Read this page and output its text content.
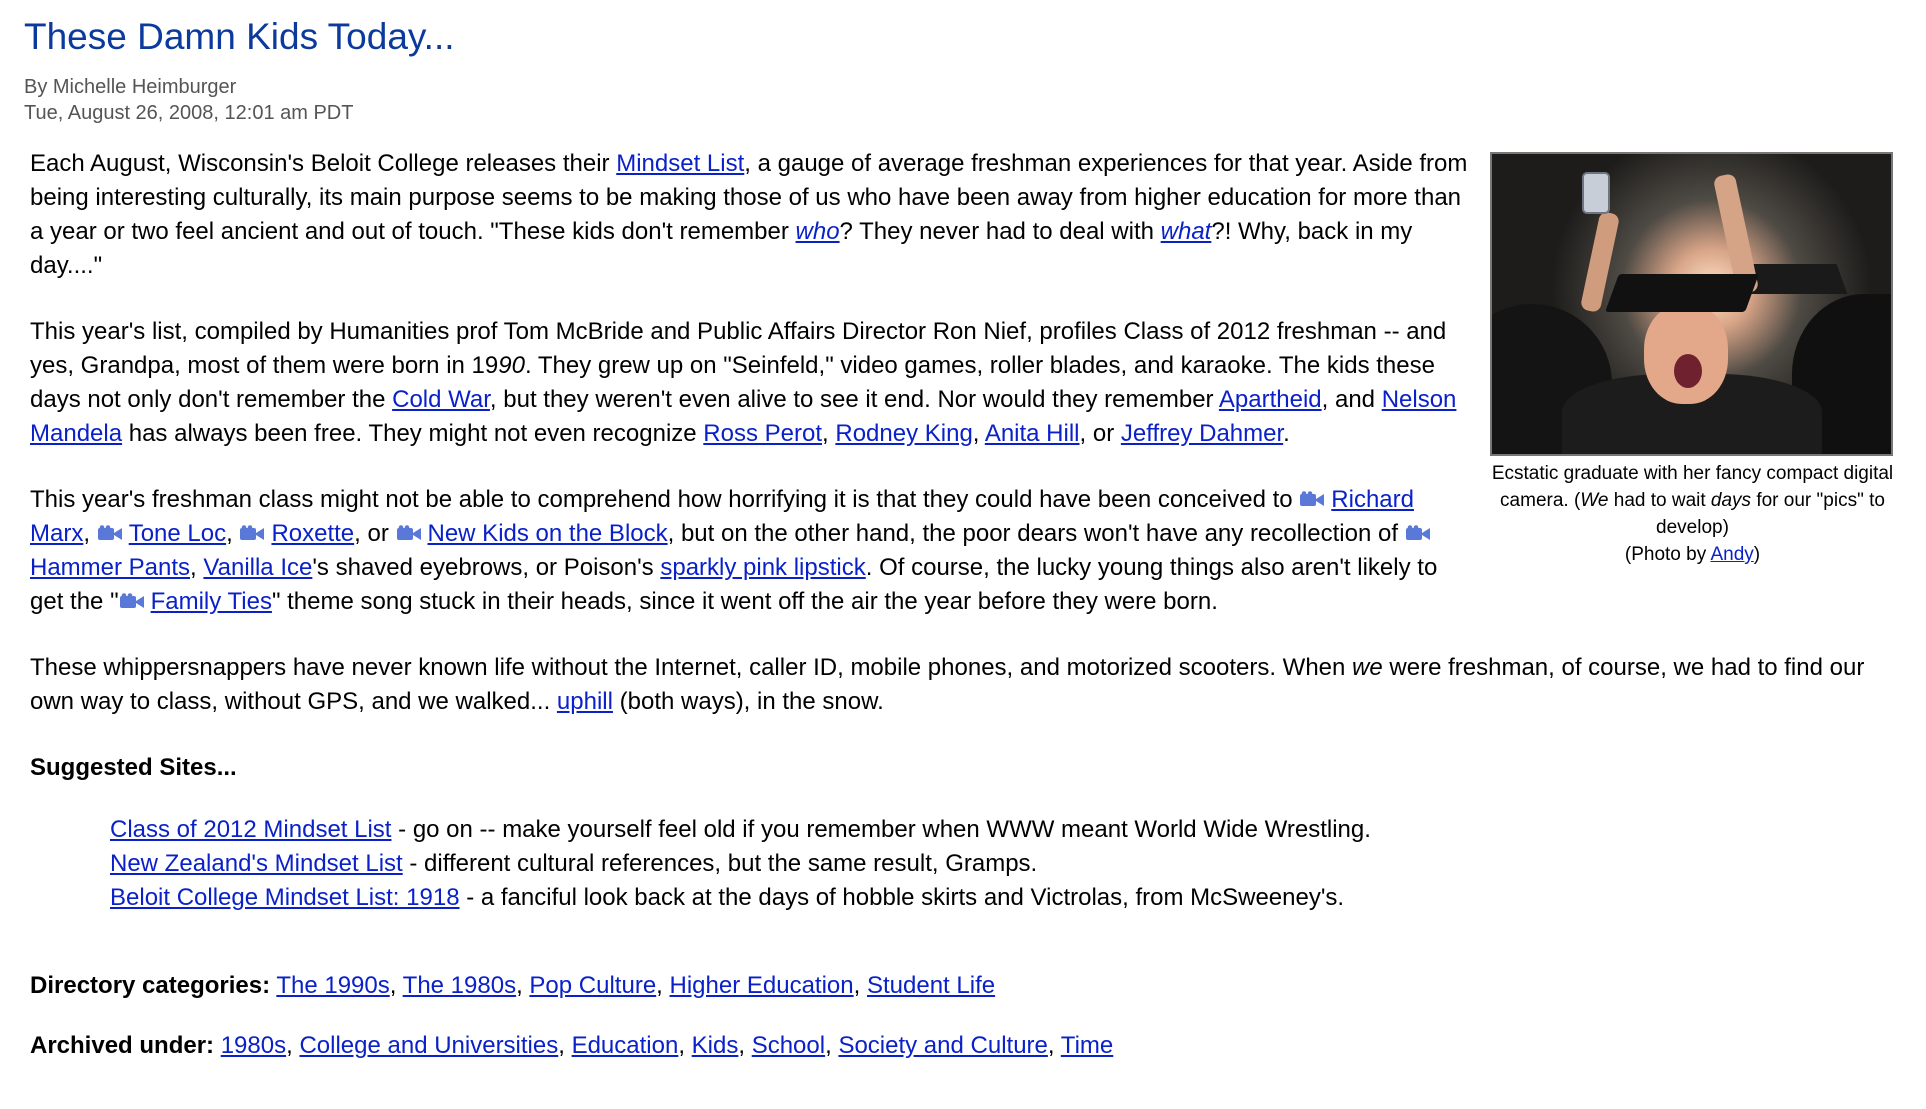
These Damn Kids Today...
By Michelle Heimburger
Tue, August 26, 2008, 12:01 am PDT
Ecstatic graduate with her fancy compact digital camera. (We had to wait days for our "pics" to develop)
(Photo by Andy)

Each August, Wisconsin's Beloit College releases their Mindset List, a gauge of average freshman experiences for that year. Aside from being interesting culturally, its main purpose seems to be making those of us who have been away from higher education for more than a year or two feel ancient and out of touch. "These kids don't remember who? They never had to deal with what?! Why, back in my day...."

This year's list, compiled by Humanities prof Tom McBride and Public Affairs Director Ron Nief, profiles Class of 2012 freshman -- and yes, Grandpa, most of them were born in 1990. They grew up on "Seinfeld," video games, roller blades, and karaoke. The kids these days not only don't remember the Cold War, but they weren't even alive to see it end. Nor would they remember Apartheid, and Nelson Mandela has always been free. They might not even recognize Ross Perot, Rodney King, Anita Hill, or Jeffrey Dahmer.

This year's freshman class might not be able to comprehend how horrifying it is that they could have been conceived to
Richard Marx,
Tone Loc,
Roxette, or
New Kids on the Block, but on the other hand, the poor dears won't have any recollection of
Hammer Pants, Vanilla Ice's shaved eyebrows, or Poison's sparkly pink lipstick. Of course, the lucky young things also aren't likely to get the " Family Ties" theme song stuck in their heads, since it went off the air the year before they were born.

These whippersnappers have never known life without the Internet, caller ID, mobile phones, and motorized scooters. When we were freshman, of course, we had to find our own way to class, without GPS, and we walked... uphill (both ways), in the snow.

Suggested Sites...
Class of 2012 Mindset List - go on -- make yourself feel old if you remember when WWW meant World Wide Wrestling.
New Zealand's Mindset List - different cultural references, but the same result, Gramps.
Beloit College Mindset List: 1918 - a fanciful look back at the days of hobble skirts and Victrolas, from McSweeney's.
Directory categories: The 1990s, The 1980s, Pop Culture, Higher Education, Student Life
Archived under: 1980s, College and Universities, Education, Kids, School, Society and Culture, Time
